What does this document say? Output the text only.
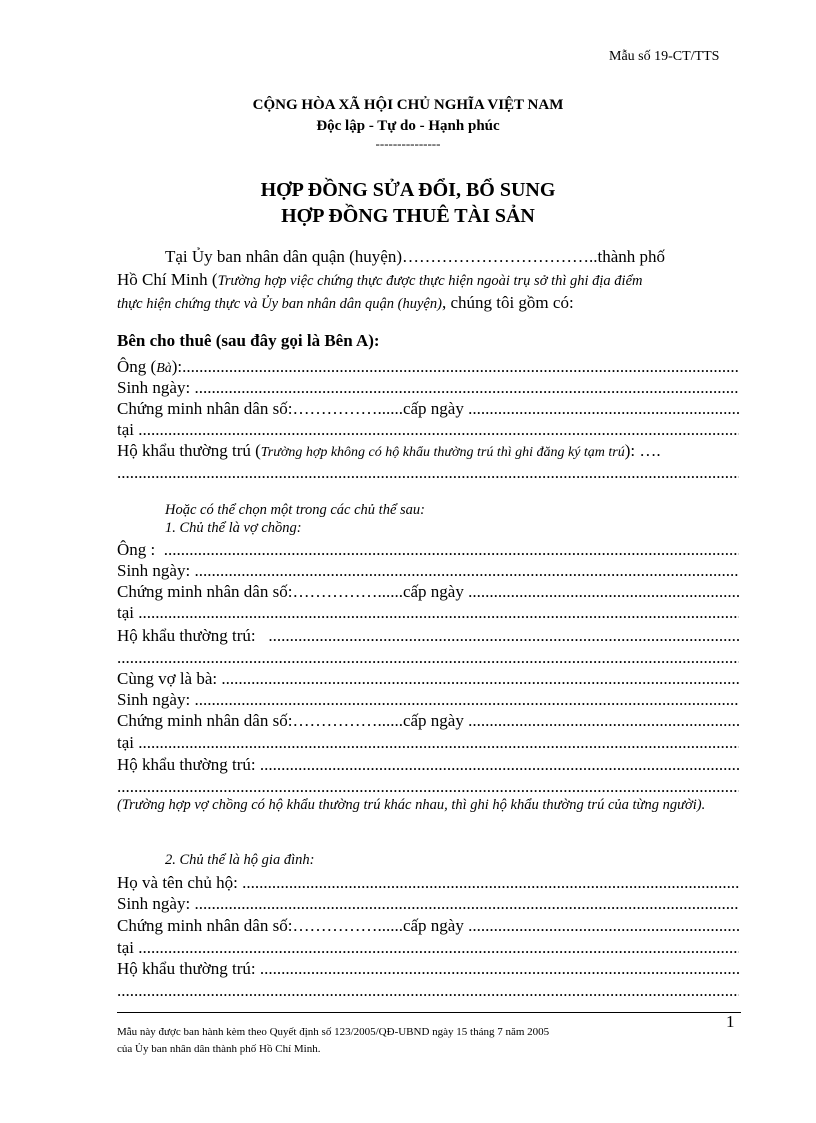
Mẫu số 19-CT/TTS
CỘNG HÒA XÃ HỘI CHỦ NGHĨA VIỆT NAM
Độc lập - Tự do - Hạnh phúc
---------------
HỢP ĐỒNG SỬA ĐỔI, BỔ SUNG
HỢP ĐỒNG THUÊ TÀI SẢN
Tại Ủy ban nhân dân quận (huyện)……………………………..thành phố
Hồ Chí Minh (Trường hợp việc chứng thực được thực hiện ngoài trụ sở thì ghi địa điểm
thực hiện chứng thực và Ủy ban nhân dân quận (huyện), chúng tôi gồm có:
Bên cho thuê (sau đây gọi là Bên A):
Ông (Bà):
.....
Sinh ngày:

.....
Chứng minh nhân dân số: ……………...... cấp ngày

.....
tại

.....
Hộ khẩu thường trú (Trường hợp không có hộ khẩu thường trú thì ghi đăng ký tạm trú): ….
.....
Hoặc có thể chọn một trong các chủ thể sau:
1. Chủ thể là vợ chồng:
Ông :

.....
Sinh ngày:

.....
Chứng minh nhân dân số: ……………...... cấp ngày

.....
tại

.....
Hộ khẩu thường trú:

.....
.....
Cùng vợ là bà:

.....
Sinh ngày:

.....
Chứng minh nhân dân số: ……………...... cấp ngày

.....
tại

.....
Hộ khẩu thường trú:

.....
.....
(Trường hợp vợ chồng có hộ khẩu thường trú khác nhau, thì ghi hộ khẩu thường trú của từng người).
2. Chủ thể là hộ gia đình:
Họ và tên chủ hộ:

.....
Sinh ngày:

.....
Chứng minh nhân dân số: ……………...... cấp ngày

.....
tại

.....
Hộ khẩu thường trú:

.....
.....
1
Mẫu này được ban hành kèm theo Quyết định số 123/2005/QĐ-UBND ngày 15 tháng 7 năm 2005
của Ủy ban nhân dân thành phố Hồ Chí Minh.
